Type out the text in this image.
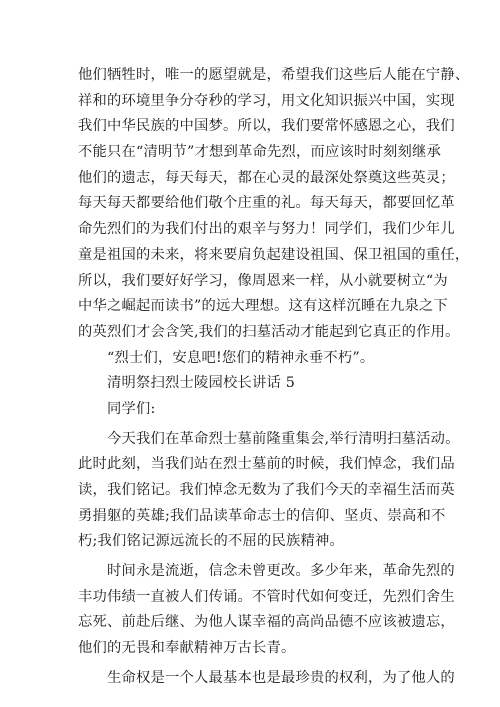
他们牺牲时，唯一的愿望就是，希望我们这些后人能在宁静、
祥和的环境里争分夺秒的学习，用文化知识振兴中国，实现
我们中华民族的中国梦。所以，我们要常怀感恩之心，我们
不能只在“清明节”才想到革命先烈，而应该时时刻刻继承
他们的遗志，每天每天，都在心灵的最深处祭奠这些英灵；
每天每天都要给他们敬个庄重的礼。每天每天，都要回忆革
命先烈们的为我们付出的艰辛与努力！同学们，我们少年儿
童是祖国的未来，将来要肩负起建设祖国、保卫祖国的重任，
所以，我们要好好学习，像周恩来一样，从小就要树立“为
中华之崛起而读书”的远大理想。这有这样沉睡在九泉之下
的英烈们才会含笑,我们的扫墓活动才能起到它真正的作用。
“烈士们，安息吧!您们的精神永垂不朽”。
清明祭扫烈士陵园校长讲话 5
同学们:
今天我们在革命烈士墓前隆重集会,举行清明扫墓活动。
此时此刻，当我们站在烈士墓前的时候，我们悼念，我们品
读，我们铭记。我们悼念无数为了我们今天的幸福生活而英
勇捐躯的英雄;我们品读革命志士的信仰、坚贞、崇高和不
朽;我们铭记源远流长的不屈的民族精神。
时间永是流逝，信念未曾更改。多少年来，革命先烈的
丰功伟绩一直被人们传诵。不管时代如何变迁，先烈们舍生
忘死、前赴后继、为他人谋幸福的高尚品德不应该被遗忘，
他们的无畏和奉献精神万古长青。
生命权是一个人最基本也是最珍贵的权利，为了他人的
